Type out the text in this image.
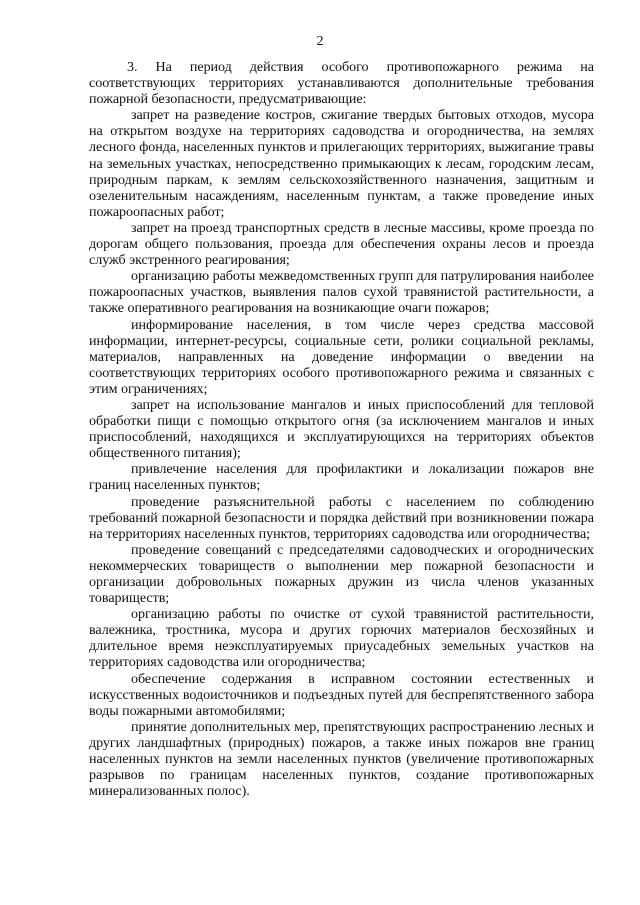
2

3. На период действия особого противопожарного режима на соответствующих территориях устанавливаются дополнительные требования пожарной безопасности, предусматривающие:

запрет на разведение костров, сжигание твердых бытовых отходов, мусора на открытом воздухе на территориях садоводства и огородничества, на землях лесного фонда, населенных пунктов и прилегающих территориях, выжигание травы на земельных участках, непосредственно примыкающих к лесам, городским лесам, природным паркам, к землям сельскохозяйственного назначения, защитным и озеленительным насаждениям, населенным пунктам, а также проведение иных пожароопасных работ;

запрет на проезд транспортных средств в лесные массивы, кроме проезда по дорогам общего пользования, проезда для обеспечения охраны лесов и проезда служб экстренного реагирования;

организацию работы межведомственных групп для патрулирования наиболее пожароопасных участков, выявления палов сухой травянистой растительности, а также оперативного реагирования на возникающие очаги пожаров;

информирование населения, в том числе через средства массовой информации, интернет-ресурсы, социальные сети, ролики социальной рекламы, материалов, направленных на доведение информации о введении на соответствующих территориях особого противопожарного режима и связанных с этим ограничениях;

запрет на использование мангалов и иных приспособлений для тепловой обработки пищи с помощью открытого огня (за исключением мангалов и иных приспособлений, находящихся и эксплуатирующихся на территориях объектов общественного питания);

привлечение населения для профилактики и локализации пожаров вне границ населенных пунктов;

проведение разъяснительной работы с населением по соблюдению требований пожарной безопасности и порядка действий при возникновении пожара на территориях населенных пунктов, территориях садоводства или огородничества;

проведение совещаний с председателями садоводческих и огороднических некоммерческих товариществ о выполнении мер пожарной безопасности и организации добровольных пожарных дружин из числа членов указанных товариществ;

организацию работы по очистке от сухой травянистой растительности, валежника, тростника, мусора и других горючих материалов бесхозяйных и длительное время неэксплуатируемых приусадебных земельных участков на территориях садоводства или огородничества;

обеспечение содержания в исправном состоянии естественных и искусственных водоисточников и подъездных путей для беспрепятственного забора воды пожарными автомобилями;

принятие дополнительных мер, препятствующих распространению лесных и других ландшафтных (природных) пожаров, а также иных пожаров вне границ населенных пунктов на земли населенных пунктов (увеличение противопожарных разрывов по границам населенных пунктов, создание противопожарных минерализованных полос).
